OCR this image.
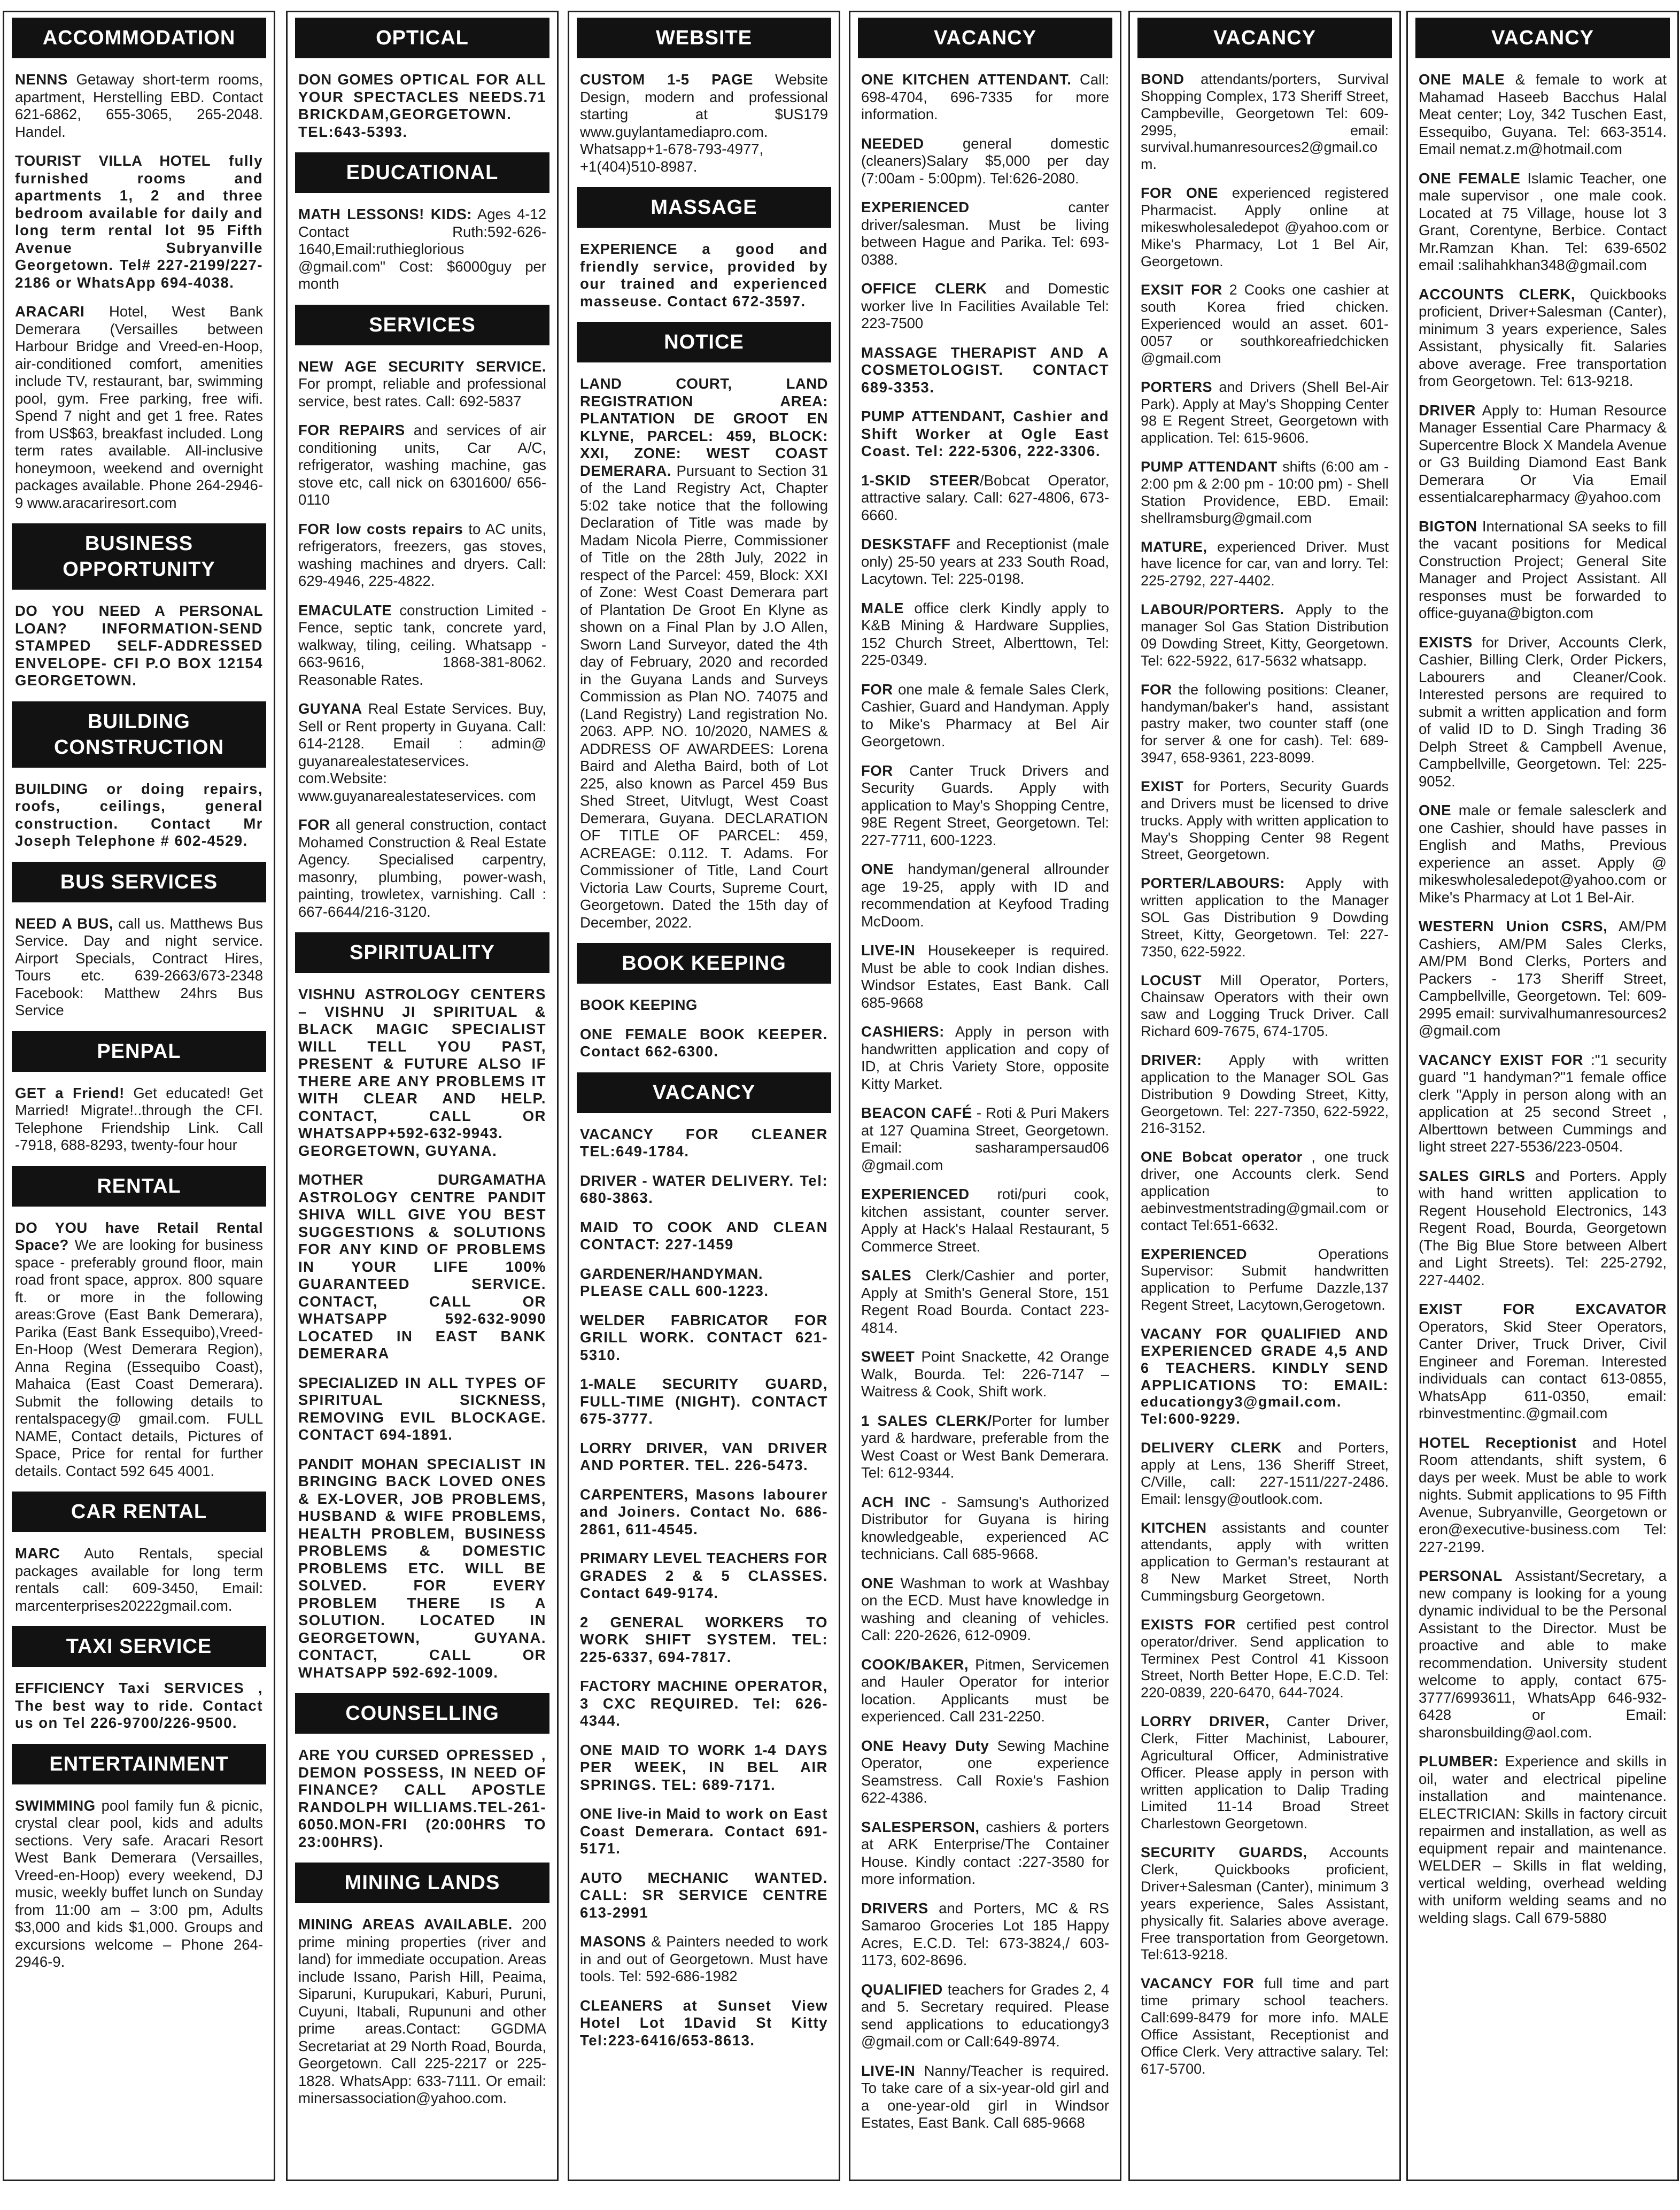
ACCOMMODATION
NENNS Getaway short-term rooms, apartment, Herstelling EBD. Contact 621-6862, 655-3065, 265-2048. Handel.
TOURIST VILLA HOTEL fully furnished rooms and apartments 1, 2 and three bedroom available for daily and long term rental lot 95 Fifth Avenue Subryanville Georgetown. Tel# 227-2199/227-2186 or WhatsApp 694-4038.
ARACARI Hotel, West Bank Demerara (Versailles between Harbour Bridge and Vreed-en-Hoop, air-conditioned comfort, amenities include TV, restaurant, bar, swimming pool, gym. Free parking, free wifi. Spend 7 night and get 1 free. Rates from US$63, breakfast included. Long term rates available. All-inclusive honeymoon, weekend and overnight packages available. Phone 264-2946-9 www.aracariresort.com
BUSINESS OPPORTUNITY
DO YOU NEED A PERSONAL LOAN? INFORMATION-SEND STAMPED SELF-ADDRESSED ENVELOPE- CFI P.O BOX 12154 GEORGETOWN.
BUILDING CONSTRUCTION
BUILDING or doing repairs, roofs, ceilings, general construction. Contact Mr Joseph Telephone # 602-4529.
BUS SERVICES
NEED A BUS, call us. Matthews Bus Service. Day and night service. Airport Specials, Contract Hires, Tours etc. 639-2663/673-2348 Facebook: Matthew 24hrs Bus Service
PENPAL
GET a Friend! Get educated! Get Married! Migrate!..through the CFI. Telephone Friendship Link. Call -7918, 688-8293, twenty-four hour
RENTAL
DO YOU have Retail Rental Space? We are looking for business space - preferably ground floor, main road front space, approx. 800 square ft. or more in the following areas:Grove (East Bank Demerara), Parika (East Bank Essequibo),Vreed-En-Hoop (West Demerara Region), Anna Regina (Essequibo Coast), Mahaica (East Coast Demerara). Submit the following details to rentalspacegy@ gmail.com. FULL NAME, Contact details, Pictures of Space, Price for rental for further details. Contact 592 645 4001.
CAR RENTAL
MARC Auto Rentals, special packages available for long term rentals call: 609-3450, Email: marcenterprises20222gmail.com.
TAXI SERVICE
EFFICIENCY Taxi SERVICES , The best way to ride. Contact us on Tel 226-9700/226-9500.
ENTERTAINMENT
SWIMMING pool family fun & picnic, crystal clear pool, kids and adults sections. Very safe. Aracari Resort West Bank Demerara (Versailles, Vreed-en-Hoop) every weekend, DJ music, weekly buffet lunch on Sunday from 11:00 am – 3:00 pm, Adults $3,000 and kids $1,000. Groups and excursions welcome – Phone 264-2946-9.
OPTICAL
DON GOMES OPTICAL FOR ALL YOUR SPECTACLES NEEDS.71 BRICKDAM,GEORGETOWN. TEL:643-5393.
EDUCATIONAL
MATH LESSONS! KIDS: Ages 4-12 Contact Ruth:592-626-1640,Email:ruthieglorious @gmail.com" Cost: $6000guy per month
SERVICES
NEW AGE SECURITY SERVICE. For prompt, reliable and professional service, best rates. Call: 692-5837
FOR REPAIRS and services of air conditioning units, Car A/C, refrigerator, washing machine, gas stove etc, call nick on 6301600/ 656-0110
FOR low costs repairs to AC units, refrigerators, freezers, gas stoves, washing machines and dryers. Call: 629-4946, 225-4822.
EMACULATE construction Limited - Fence, septic tank, concrete yard, walkway, tiling, ceiling. Whatsapp - 663-9616, 1868-381-8062. Reasonable Rates.
GUYANA Real Estate Services. Buy, Sell or Rent property in Guyana. Call: 614-2128. Email : admin@ guyanarealestateservices. com.Website: www.guyanarealestateservices. com
FOR all general construction, contact Mohamed Construction & Real Estate Agency. Specialised carpentry, masonry, plumbing, power-wash, painting, trowletex, varnishing. Call : 667-6644/216-3120.
SPIRITUALITY
VISHNU ASTROLOGY CENTERS – VISHNU JI SPIRITUAL & BLACK MAGIC SPECIALIST WILL TELL YOU PAST, PRESENT & FUTURE ALSO IF THERE ARE ANY PROBLEMS IT WITH CLEAR AND HELP. CONTACT, CALL OR WHATSAPP+592-632-9943. GEORGETOWN, GUYANA.
MOTHER DURGAMATHA ASTROLOGY CENTRE PANDIT SHIVA WILL GIVE YOU BEST SUGGESTIONS & SOLUTIONS FOR ANY KIND OF PROBLEMS IN YOUR LIFE 100% GUARANTEED SERVICE. CONTACT, CALL OR WHATSAPP 592-632-9090 LOCATED IN EAST BANK DEMERARA
SPECIALIZED IN ALL TYPES OF SPIRITUAL SICKNESS, REMOVING EVIL BLOCKAGE. CONTACT 694-1891.
PANDIT MOHAN SPECIALIST IN BRINGING BACK LOVED ONES & EX-LOVER, JOB PROBLEMS, HUSBAND & WIFE PROBLEMS, HEALTH PROBLEM, BUSINESS PROBLEMS & DOMESTIC PROBLEMS ETC. WILL BE SOLVED. FOR EVERY PROBLEM THERE IS A SOLUTION. LOCATED IN GEORGETOWN, GUYANA. CONTACT, CALL OR WHATSAPP 592-692-1009.
COUNSELLING
ARE YOU CURSED OPRESSED , DEMON POSSESS, IN NEED OF FINANCE? CALL APOSTLE RANDOLPH WILLIAMS.TEL-261-6050.MON-FRI (20:00HRS TO 23:00HRS).
MINING LANDS
MINING AREAS AVAILABLE. 200 prime mining properties (river and land) for immediate occupation. Areas include Issano, Parish Hill, Peaima, Siparuni, Kurupukari, Kaburi, Puruni, Cuyuni, Itabali, Rupununi and other prime areas.Contact: GGDMA Secretariat at 29 North Road, Bourda, Georgetown. Call 225-2217 or 225-1828. WhatsApp: 633-7111. Or email: minersassociation@yahoo.com.
WEBSITE
CUSTOM 1-5 PAGE Website Design, modern and professional starting at $US179 www.guylantamediapro.com. Whatsapp+1-678-793-4977, +1(404)510-8987.
MASSAGE
EXPERIENCE a good and friendly service, provided by our trained and experienced masseuse. Contact 672-3597.
NOTICE
LAND COURT, LAND REGISTRATION AREA: PLANTATION DE GROOT EN KLYNE, PARCEL: 459, BLOCK: XXI, ZONE: WEST COAST DEMERARA. Pursuant to Section 31 of the Land Registry Act, Chapter 5:02 take notice that the following Declaration of Title was made by Madam Nicola Pierre, Commissioner of Title on the 28th July, 2022 in respect of the Parcel: 459, Block: XXI of Zone: West Coast Demerara part of Plantation De Groot En Klyne as shown on a Final Plan by J.O Allen, Sworn Land Surveyor, dated the 4th day of February, 2020 and recorded in the Guyana Lands and Surveys Commission as Plan NO. 74075 and (Land Registry) Land registration No. 2063. APP. NO. 10/2020, NAMES & ADDRESS OF AWARDEES: Lorena Baird and Aletha Baird, both of Lot 225, also known as Parcel 459 Bus Shed Street, Uitvlugt, West Coast Demerara, Guyana. DECLARATION OF TITLE OF PARCEL: 459, ACREAGE: 0.112. T. Adams. For Commissioner of Title, Land Court Victoria Law Courts, Supreme Court, Georgetown. Dated the 15th day of December, 2022.
BOOK KEEPING
BOOK KEEPING
ONE FEMALE BOOK KEEPER. Contact 662-6300.
VACANCY
VACANCY FOR CLEANER TEL:649-1784.
DRIVER - WATER DELIVERY. Tel: 680-3863.
MAID TO COOK AND CLEAN CONTACT: 227-1459
GARDENER/HANDYMAN. PLEASE CALL 600-1223.
WELDER FABRICATOR FOR GRILL WORK. CONTACT 621-5310.
1-MALE SECURITY GUARD, FULL-TIME (NIGHT). CONTACT 675-3777.
LORRY DRIVER, VAN DRIVER AND PORTER. TEL. 226-5473.
CARPENTERS, Masons labourer and Joiners. Contact No. 686-2861, 611-4545.
PRIMARY LEVEL TEACHERS FOR GRADES 2 & 5 CLASSES. Contact 649-9174.
2 GENERAL WORKERS TO WORK SHIFT SYSTEM. TEL: 225-6337, 694-7817.
FACTORY MACHINE OPERATOR, 3 CXC REQUIRED. Tel: 626-4344.
ONE MAID TO WORK 1-4 DAYS PER WEEK, IN BEL AIR SPRINGS. TEL: 689-7171.
ONE live-in Maid to work on East Coast Demerara. Contact 691-5171.
AUTO MECHANIC WANTED. CALL: SR SERVICE CENTRE 613-2991
MASONS & Painters needed to work in and out of Georgetown. Must have tools. Tel: 592-686-1982
CLEANERS at Sunset View Hotel Lot 1David St Kitty Tel:223-6416/653-8613.
VACANCY
ONE KITCHEN ATTENDANT. Call: 698-4704, 696-7335 for more information.
NEEDED general domestic (cleaners)Salary $5,000 per day (7:00am - 5:00pm). Tel:626-2080.
EXPERIENCED canter driver/salesman. Must be living between Hague and Parika. Tel: 693-0388.
OFFICE CLERK and Domestic worker live In Facilities Available Tel: 223-7500
MASSAGE THERAPIST AND A COSMETOLOGIST. CONTACT 689-3353.
PUMP ATTENDANT, Cashier and Shift Worker at Ogle East Coast. Tel: 222-5306, 222-3306.
1-SKID STEER/Bobcat Operator, attractive salary. Call: 627-4806, 673-6660.
DESKSTAFF and Receptionist (male only) 25-50 years at 233 South Road, Lacytown. Tel: 225-0198.
MALE office clerk Kindly apply to K&B Mining & Hardware Supplies, 152 Church Street, Alberttown, Tel: 225-0349.
FOR one male & female Sales Clerk, Cashier, Guard and Handyman. Apply to Mike's Pharmacy at Bel Air Georgetown.
FOR Canter Truck Drivers and Security Guards. Apply with application to May's Shopping Centre, 98E Regent Street, Georgetown. Tel: 227-7711, 600-1223.
ONE handyman/general allrounder age 19-25, apply with ID and recommendation at Keyfood Trading McDoom.
LIVE-IN Housekeeper is required. Must be able to cook Indian dishes. Windsor Estates, East Bank. Call 685-9668
CASHIERS: Apply in person with handwritten application and copy of ID, at Chris Variety Store, opposite Kitty Market.
BEACON CAFÉ - Roti & Puri Makers at 127 Quamina Street, Georgetown. Email: sasharampersaud06 @gmail.com
EXPERIENCED roti/puri cook, kitchen assistant, counter server. Apply at Hack's Halaal Restaurant, 5 Commerce Street.
SALES Clerk/Cashier and porter, Apply at Smith's General Store, 151 Regent Road Bourda. Contact 223-4814.
SWEET Point Snackette, 42 Orange Walk, Bourda. Tel: 226-7147 – Waitress & Cook, Shift work.
1 SALES CLERK/Porter for lumber yard & hardware, preferable from the West Coast or West Bank Demerara. Tel: 612-9344.
ACH INC - Samsung's Authorized Distributor for Guyana is hiring knowledgeable, experienced AC technicians. Call 685-9668.
ONE Washman to work at Washbay on the ECD. Must have knowledge in washing and cleaning of vehicles. Call: 220-2626, 612-0909.
COOK/BAKER, Pitmen, Servicemen and Hauler Operator for interior location. Applicants must be experienced. Call 231-2250.
ONE Heavy Duty Sewing Machine Operator, one experience Seamstress. Call Roxie's Fashion 622-4386.
SALESPERSON, cashiers & porters at ARK Enterprise/The Container House. Kindly contact :227-3580 for more information.
DRIVERS and Porters, MC & RS Samaroo Groceries Lot 185 Happy Acres, E.C.D. Tel: 673-3824,/ 603-1173, 602-8696.
QUALIFIED teachers for Grades 2, 4 and 5. Secretary required. Please send applications to educationgy3 @gmail.com or Call:649-8974.
LIVE-IN Nanny/Teacher is required. To take care of a six-year-old girl and a one-year-old girl in Windsor Estates, East Bank. Call 685-9668
VACANCY
BOND attendants/porters, Survival Shopping Complex, 173 Sheriff Street, Campbeville, Georgetown Tel: 609-2995, email: survival.humanresources2@gmail.com.
FOR ONE experienced registered Pharmacist. Apply online at mikeswholesaledepot @yahoo.com or Mike's Pharmacy, Lot 1 Bel Air, Georgetown.
EXSIT FOR 2 Cooks one cashier at south Korea fried chicken. Experienced would an asset. 601-0057 or southkoreafriedchicken @gmail.com
PORTERS and Drivers (Shell Bel-Air Park). Apply at May's Shopping Center 98 E Regent Street, Georgetown with application. Tel: 615-9606.
PUMP ATTENDANT shifts (6:00 am - 2:00 pm & 2:00 pm - 10:00 pm) - Shell Station Providence, EBD. Email: shellramsburg@gmail.com
MATURE, experienced Driver. Must have licence for car, van and lorry. Tel: 225-2792, 227-4402.
LABOUR/PORTERS. Apply to the manager Sol Gas Station Distribution 09 Dowding Street, Kitty, Georgetown. Tel: 622-5922, 617-5632 whatsapp.
FOR the following positions: Cleaner, handyman/baker's hand, assistant pastry maker, two counter staff (one for server & one for cash). Tel: 689-3947, 658-9361, 223-8099.
EXIST for Porters, Security Guards and Drivers must be licensed to drive trucks. Apply with written application to May's Shopping Center 98 Regent Street, Georgetown.
PORTER/LABOURS: Apply with written application to the Manager SOL Gas Distribution 9 Dowding Street, Kitty, Georgetown. Tel: 227-7350, 622-5922.
LOCUST Mill Operator, Porters, Chainsaw Operators with their own saw and Logging Truck Driver. Call Richard 609-7675, 674-1705.
DRIVER: Apply with written application to the Manager SOL Gas Distribution 9 Dowding Street, Kitty, Georgetown. Tel: 227-7350, 622-5922, 216-3152.
ONE Bobcat operator , one truck driver, one Accounts clerk. Send application to aebinvestmentstrading@gmail.com or contact Tel:651-6632.
EXPERIENCED Operations Supervisor: Submit handwritten application to Perfume Dazzle,137 Regent Street, Lacytown,Gerogetown.
VACANY FOR QUALIFIED AND EXPERIENCED GRADE 4,5 AND 6 TEACHERS. KINDLY SEND APPLICATIONS TO: EMAIL: educationgy3@gmail.com. Tel:600-9229.
DELIVERY CLERK and Porters, apply at Lens, 136 Sheriff Street, C/Ville, call: 227-1511/227-2486. Email: lensgy@outlook.com.
KITCHEN assistants and counter attendants, apply with written application to German's restaurant at 8 New Market Street, North Cummingsburg Georgetown.
EXISTS FOR certified pest control operator/driver. Send application to Terminex Pest Control 41 Kissoon Street, North Better Hope, E.C.D. Tel: 220-0839, 220-6470, 644-7024.
LORRY DRIVER, Canter Driver, Clerk, Fitter Machinist, Labourer, Agricultural Officer, Administrative Officer. Please apply in person with written application to Dalip Trading Limited 11-14 Broad Street Charlestown Georgetown.
SECURITY GUARDS, Accounts Clerk, Quickbooks proficient, Driver+Salesman (Canter), minimum 3 years experience, Sales Assistant, physically fit. Salaries above average. Free transportation from Georgetown. Tel:613-9218.
VACANCY FOR full time and part time primary school teachers. Call:699-8479 for more info. MALE Office Assistant, Receptionist and Office Clerk. Very attractive salary. Tel: 617-5700.
VACANCY
ONE MALE & female to work at Mahamad Haseeb Bacchus Halal Meat center; Loy, 342 Tuschen East, Essequibo, Guyana. Tel: 663-3514. Email nemat.z.m@hotmail.com
ONE FEMALE Islamic Teacher, one male supervisor , one male cook. Located at 75 Village, house lot 3 Grant, Corentyne, Berbice. Contact Mr.Ramzan Khan. Tel: 639-6502 email :salihahkhan348@gmail.com
ACCOUNTS CLERK, Quickbooks proficient, Driver+Salesman (Canter), minimum 3 years experience, Sales Assistant, physically fit. Salaries above average. Free transportation from Georgetown. Tel: 613-9218.
DRIVER Apply to: Human Resource Manager Essential Care Pharmacy & Supercentre Block X Mandela Avenue or G3 Building Diamond East Bank Demerara Or Via Email essentialcarepharmacy @yahoo.com
BIGTON International SA seeks to fill the vacant positions for Medical Construction Project; General Site Manager and Project Assistant. All responses must be forwarded to office-guyana@bigton.com
EXISTS for Driver, Accounts Clerk, Cashier, Billing Clerk, Order Pickers, Labourers and Cleaner/Cook. Interested persons are required to submit a written application and form of valid ID to D. Singh Trading 36 Delph Street & Campbell Avenue, Campbellville, Georgetown. Tel: 225-9052.
ONE male or female salesclerk and one Cashier, should have passes in English and Maths, Previous experience an asset. Apply @ mikeswholesaledepot@yahoo.com or Mike's Pharmacy at Lot 1 Bel-Air.
WESTERN Union CSRS, AM/PM Cashiers, AM/PM Sales Clerks, AM/PM Bond Clerks, Porters and Packers - 173 Sheriff Street, Campbellville, Georgetown. Tel: 609-2995 email: survivalhumanresources2 @gmail.com
VACANCY EXIST FOR :"1 security guard "1 handyman?"1 female office clerk "Apply in person along with an application at 25 second Street , Alberttown between Cummings and light street 227-5536/223-0504.
SALES GIRLS and Porters. Apply with hand written application to Regent Household Electronics, 143 Regent Road, Bourda, Georgetown (The Big Blue Store between Albert and Light Streets). Tel: 225-2792, 227-4402.
EXIST FOR EXCAVATOR Operators, Skid Steer Operators, Canter Driver, Truck Driver, Civil Engineer and Foreman. Interested individuals can contact 613-0855, WhatsApp 611-0350, email: rbinvestmentinc.@gmail.com
HOTEL Receptionist and Hotel Room attendants, shift system, 6 days per week. Must be able to work nights. Submit applications to 95 Fifth Avenue, Subryanville, Georgetown or eron@executive-business.com Tel: 227-2199.
PERSONAL Assistant/Secretary, a new company is looking for a young dynamic individual to be the Personal Assistant to the Director. Must be proactive and able to make recommendation. University student welcome to apply, contact 675-3777/6993611, WhatsApp 646-932-6428 or Email: sharonsbuilding@aol.com.
PLUMBER: Experience and skills in oil, water and electrical pipeline installation and maintenance. ELECTRICIAN: Skills in factory circuit repairmen and installation, as well as equipment repair and maintenance. WELDER – Skills in flat welding, vertical welding, overhead welding with uniform welding seams and no welding slags. Call 679-5880
